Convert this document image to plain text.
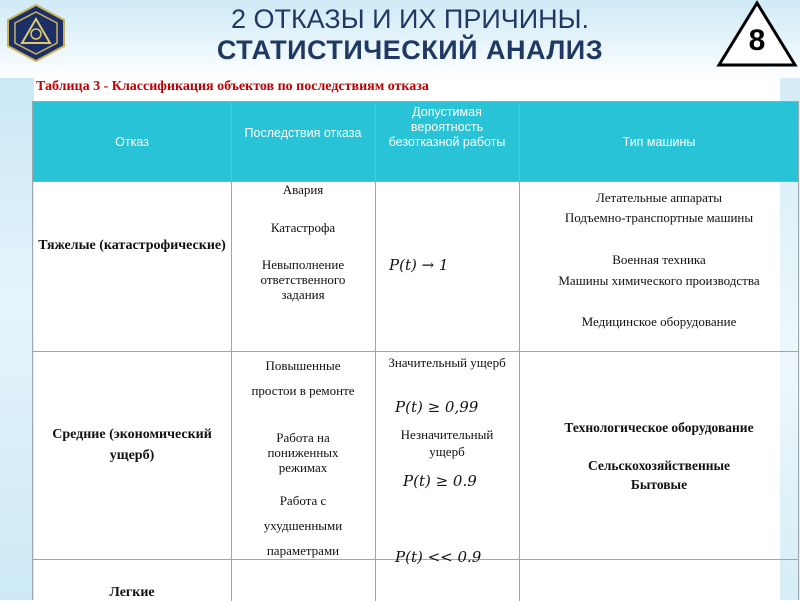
2 ОТКАЗЫ И ИХ ПРИЧИНЫ.
СТАТИСТИЧЕСКИЙ АНАЛИЗ	8
Таблица 3 - Классификация объектов по последствиям отказа
Отказ
Последствия отказа
Допустимая вероятность безотказной работы	Тип машины
Тяжелые (катастрофические)
Авария
Катастрофа
Невыполнение ответственного задания
P(t) → 1
Летательные аппараты
Подъемно-транспортные машины
Военная техника
Машины химического производства
Медицинское оборудование
Средние (экономический ущерб)
Повышенные простои в ремонте
Работа на пониженных режимах
Работа с ухудшенными параметрами
Значительный ущерб
P(t) ≥ 0,99
Незначительный ущерб
P(t) ≥ 0.9
P(t) << 0.9
Технологическое оборудование
Сельскохозяйственные
Бытовые
Легкие
